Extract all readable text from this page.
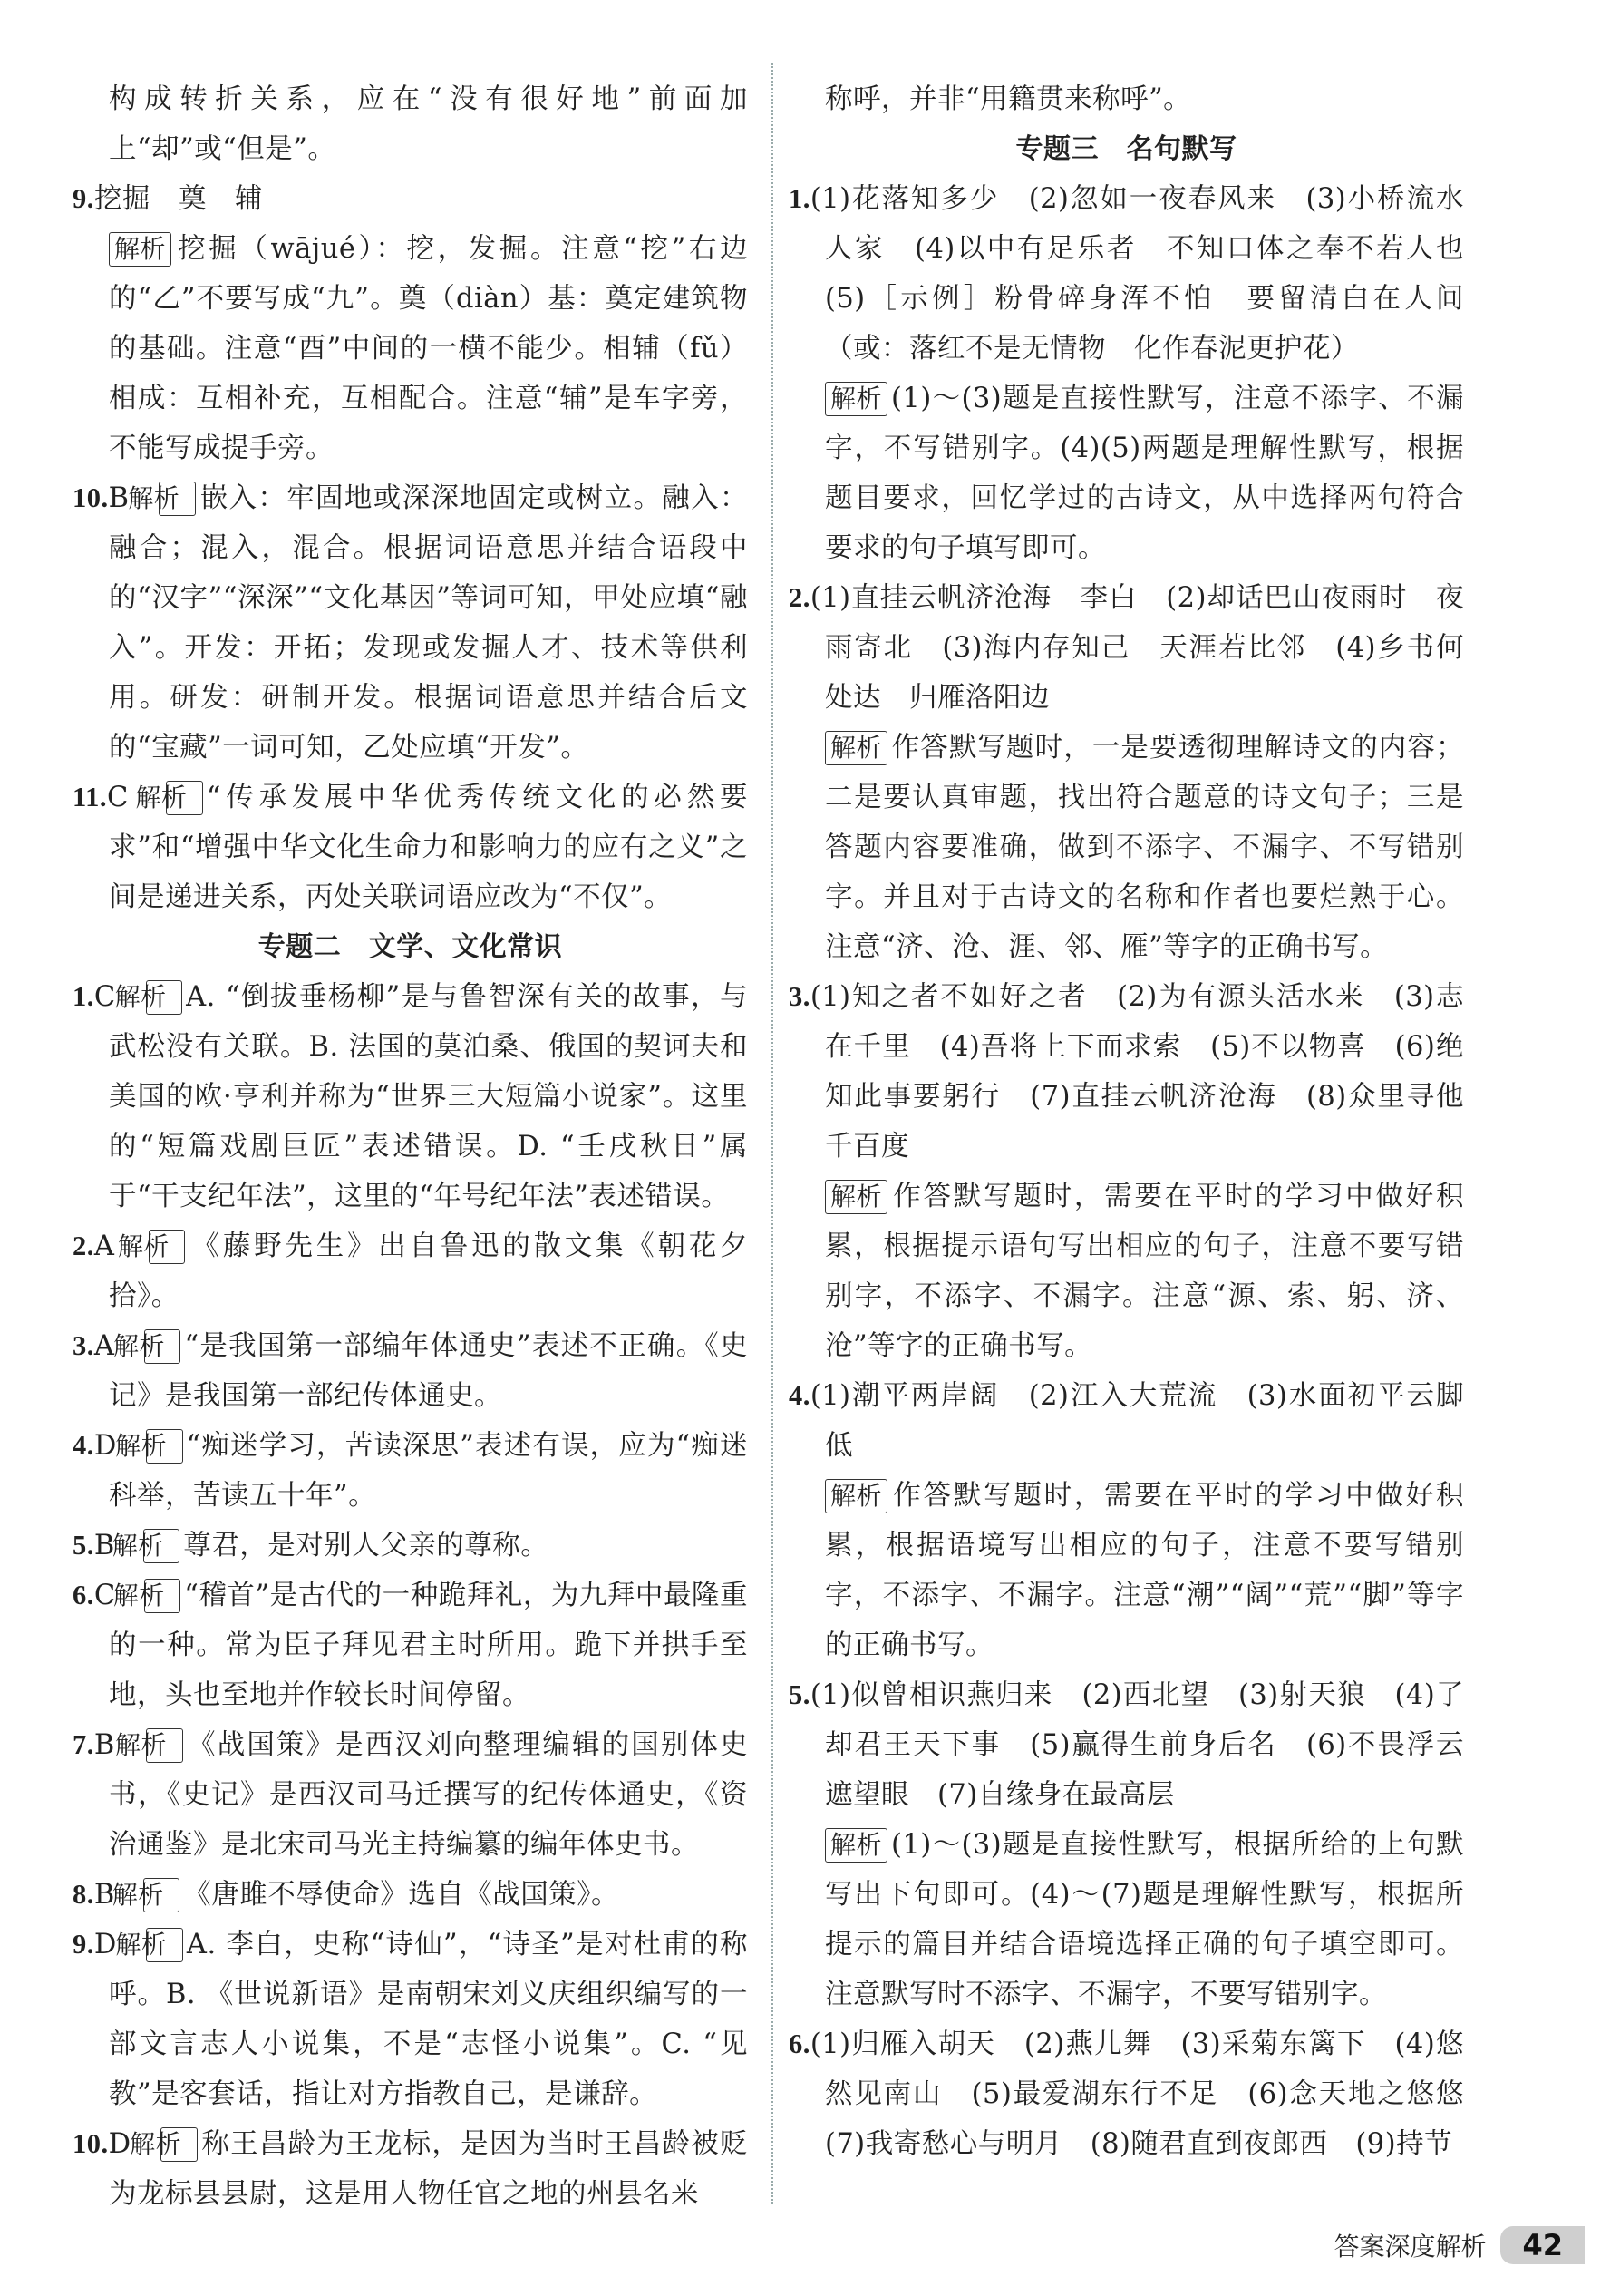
构成转折关系，应在“没有很好地”前面加上“却”或“但是”。
9.挖掘　奠　辅
解析 挖掘（wājué）：挖，发掘。注意“挖”右边的“乙”不要写成“九”。奠（diàn）基：奠定建筑物的基础。注意“酉”中间的一横不能少。相辅（fǔ）相成：互相补充，互相配合。注意“辅”是车字旁，不能写成提手旁。
10.B　解析 嵌入：牢固地或深深地固定或树立。融入：融合；混入，混合。根据词语意思并结合语段中的“汉字”“深深”“文化基因”等词可知，甲处应填“融入”。开发：开拓；发现或发掘人才、技术等供利用。研发：研制开发。根据词语意思并结合后文的“宝藏”一词可知，乙处应填“开发”。
11.C　 解析 “传承发展中华优秀传统文化的必然要求”和“增强中华文化生命力和影响力的应有之义”之间是递进关系，丙处关联词语应改为“不仅”。
专题二　文学、文化常识
1.C　解析 A. “倒拔垂杨柳”是与鲁智深有关的故事，与武松没有关联。B. 法国的莫泊桑、俄国的契诃夫和美国的欧·亨利并称为“世界三大短篇小说家”。这里的“短篇戏剧巨匠”表述错误。D. “壬戌秋日”属于“干支纪年法”，这里的“年号纪年法”表述错误。
2.A　 解析 《藤野先生》出自鲁迅的散文集《朝花夕拾》。
3.A　解析 “是我国第一部编年体通史”表述不正确。《史记》是我国第一部纪传体通史。
4.D　解析 “痴迷学习，苦读深思”表述有误，应为“痴迷科举，苦读五十年”。
5.B　解析 尊君，是对别人父亲的尊称。
6.C　解析 “稽首”是古代的一种跪拜礼，为九拜中最隆重的一种。常为臣子拜见君主时所用。跪下并拱手至地，头也至地并作较长时间停留。
7.B　解析 《战国策》是西汉刘向整理编辑的国别体史书，《史记》是西汉司马迁撰写的纪传体通史，《资治通鉴》是北宋司马光主持编纂的编年体史书。
8.B　解析 《唐雎不辱使命》选自《战国策》。
9.D　解析 A. 李白，史称“诗仙”，“诗圣”是对杜甫的称呼。B. 《世说新语》是南朝宋刘义庆组织编写的一部文言志人小说集，不是“志怪小说集”。C. “见教”是客套话，指让对方指教自己，是谦辞。
10.D　解析 称王昌龄为王龙标，是因为当时王昌龄被贬为龙标县县尉，这是用人物任官之地的州县名来
称呼，并非“用籍贯来称呼”。
专题三　名句默写
1.(1)花落知多少　(2)忽如一夜春风来　(3)小桥流水人家　(4)以中有足乐者　不知口体之奉不若人也　(5)［示例］粉骨碎身浑不怕　要留清白在人间（或：落红不是无情物　化作春泥更护花）
解析 (1)～(3)题是直接性默写，注意不添字、不漏字，不写错别字。(4)(5)两题是理解性默写，根据题目要求，回忆学过的古诗文，从中选择两句符合要求的句子填写即可。
2.(1)直挂云帆济沧海　李白　(2)却话巴山夜雨时　夜雨寄北　(3)海内存知己　天涯若比邻　(4)乡书何处达　归雁洛阳边
解析 作答默写题时，一是要透彻理解诗文的内容；二是要认真审题，找出符合题意的诗文句子；三是答题内容要准确，做到不添字、不漏字、不写错别字。并且对于古诗文的名称和作者也要烂熟于心。注意“济、沧、涯、邻、雁”等字的正确书写。
3.(1)知之者不如好之者　(2)为有源头活水来　(3)志在千里　(4)吾将上下而求索　(5)不以物喜　(6)绝知此事要躬行　(7)直挂云帆济沧海　(8)众里寻他千百度
解析 作答默写题时，需要在平时的学习中做好积累，根据提示语句写出相应的句子，注意不要写错别字，不添字、不漏字。注意“源、索、躬、济、沧”等字的正确书写。
4.(1)潮平两岸阔　(2)江入大荒流　(3)水面初平云脚低
解析 作答默写题时，需要在平时的学习中做好积累，根据语境写出相应的句子，注意不要写错别字，不添字、不漏字。注意“潮”“阔”“荒”“脚”等字的正确书写。
5.(1)似曾相识燕归来　(2)西北望　(3)射天狼　(4)了却君王天下事　(5)赢得生前身后名　(6)不畏浮云遮望眼　(7)自缘身在最高层
解析 (1)～(3)题是直接性默写，根据所给的上句默写出下句即可。(4)～(7)题是理解性默写，根据所提示的篇目并结合语境选择正确的句子填空即可。注意默写时不添字、不漏字，不要写错别字。
6.(1)归雁入胡天　(2)燕儿舞　(3)采菊东篱下　(4)悠然见南山　(5)最爱湖东行不足　(6)念天地之悠悠　(7)我寄愁心与明月　(8)随君直到夜郎西　(9)持节
答案深度解析	42
